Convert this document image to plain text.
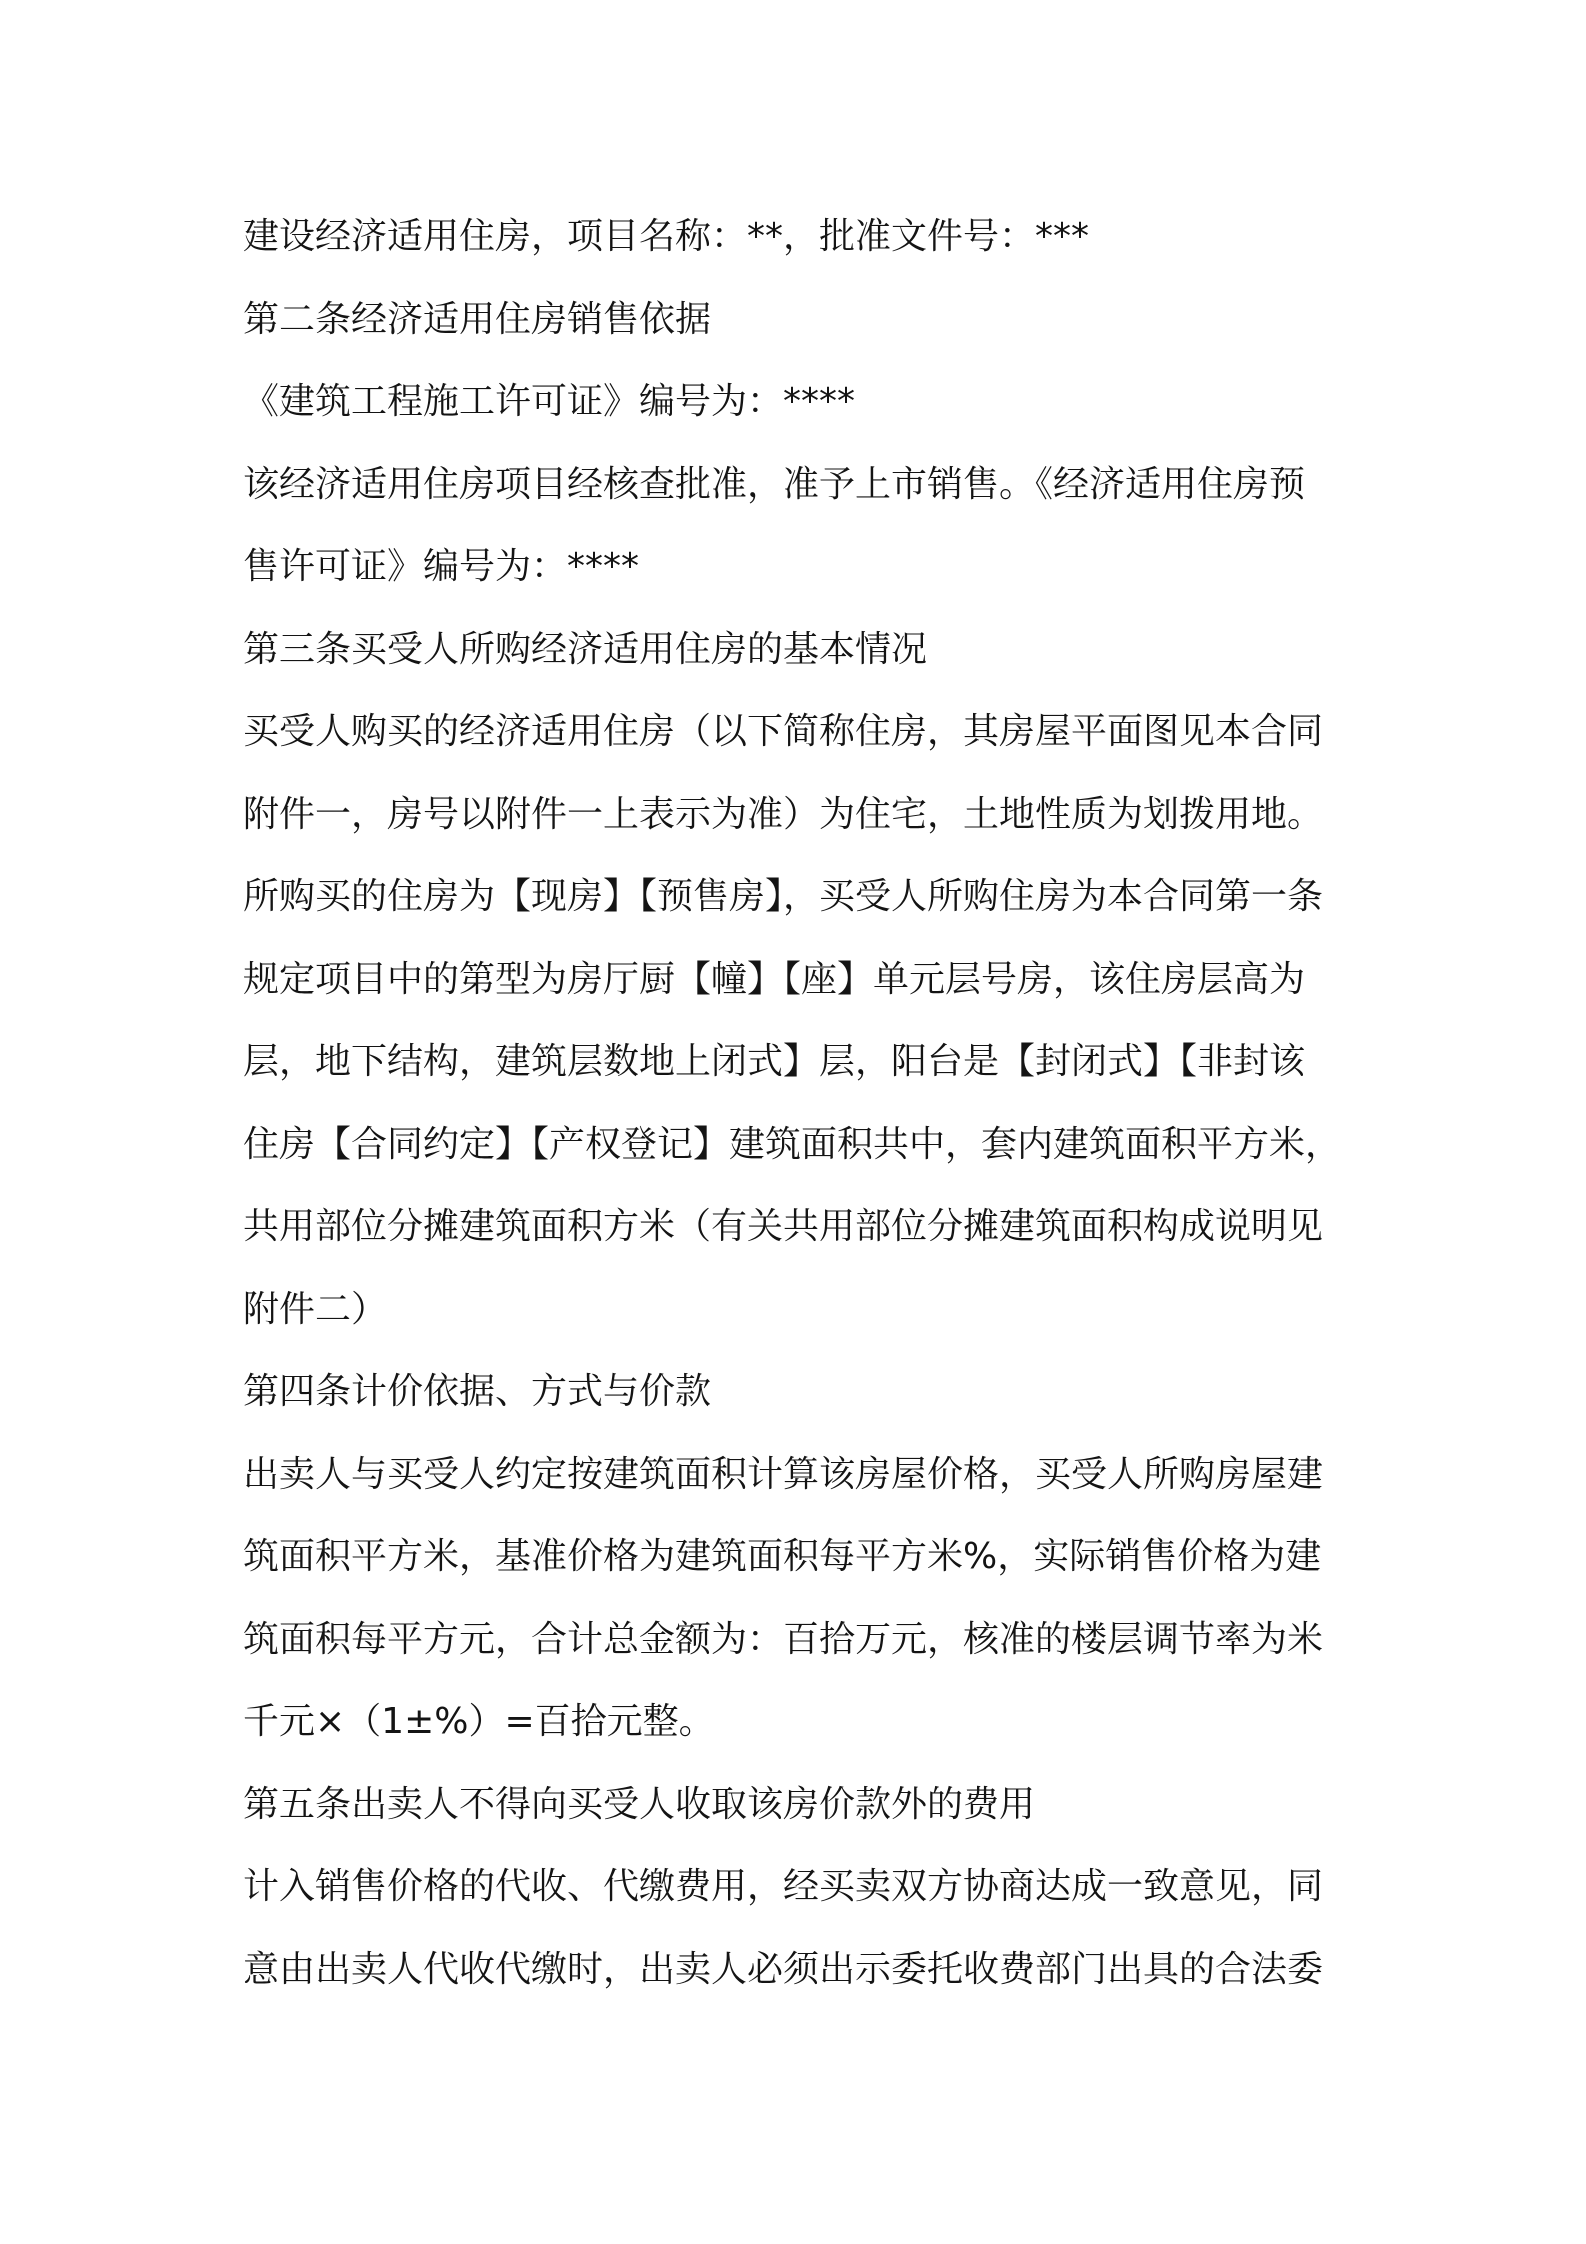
建设经济适用住房，项目名称：**，批准文件号：***

第二条经济适用住房销售依据

《建筑工程施工许可证》编号为：****

该经济适用住房项目经核查批准，准予上市销售。《经济适用住房预

售许可证》编号为：****

第三条买受人所购经济适用住房的基本情况

买受人购买的经济适用住房（以下简称住房，其房屋平面图见本合同

附件一，房号以附件一上表示为准）为住宅，土地性质为划拨用地。

所购买的住房为【现房】【预售房】，买受人所购住房为本合同第一条

规定项目中的第型为房厅厨【幢】【座】单元层号房，该住房层高为

层，地下结构，建筑层数地上闭式】层，阳台是【封闭式】【非封该

住房【合同约定】【产权登记】建筑面积共中，套内建筑面积平方米，

共用部位分摊建筑面积方米（有关共用部位分摊建筑面积构成说明见

附件二）

第四条计价依据、方式与价款

出卖人与买受人约定按建筑面积计算该房屋价格，买受人所购房屋建

筑面积平方米，基准价格为建筑面积每平方米%，实际销售价格为建

筑面积每平方元，合计总金额为：百拾万元，核准的楼层调节率为米

千元×（1±%）=百拾元整。

第五条出卖人不得向买受人收取该房价款外的费用

计入销售价格的代收、代缴费用，经买卖双方协商达成一致意见，同

意由出卖人代收代缴时，出卖人必须出示委托收费部门出具的合法委
